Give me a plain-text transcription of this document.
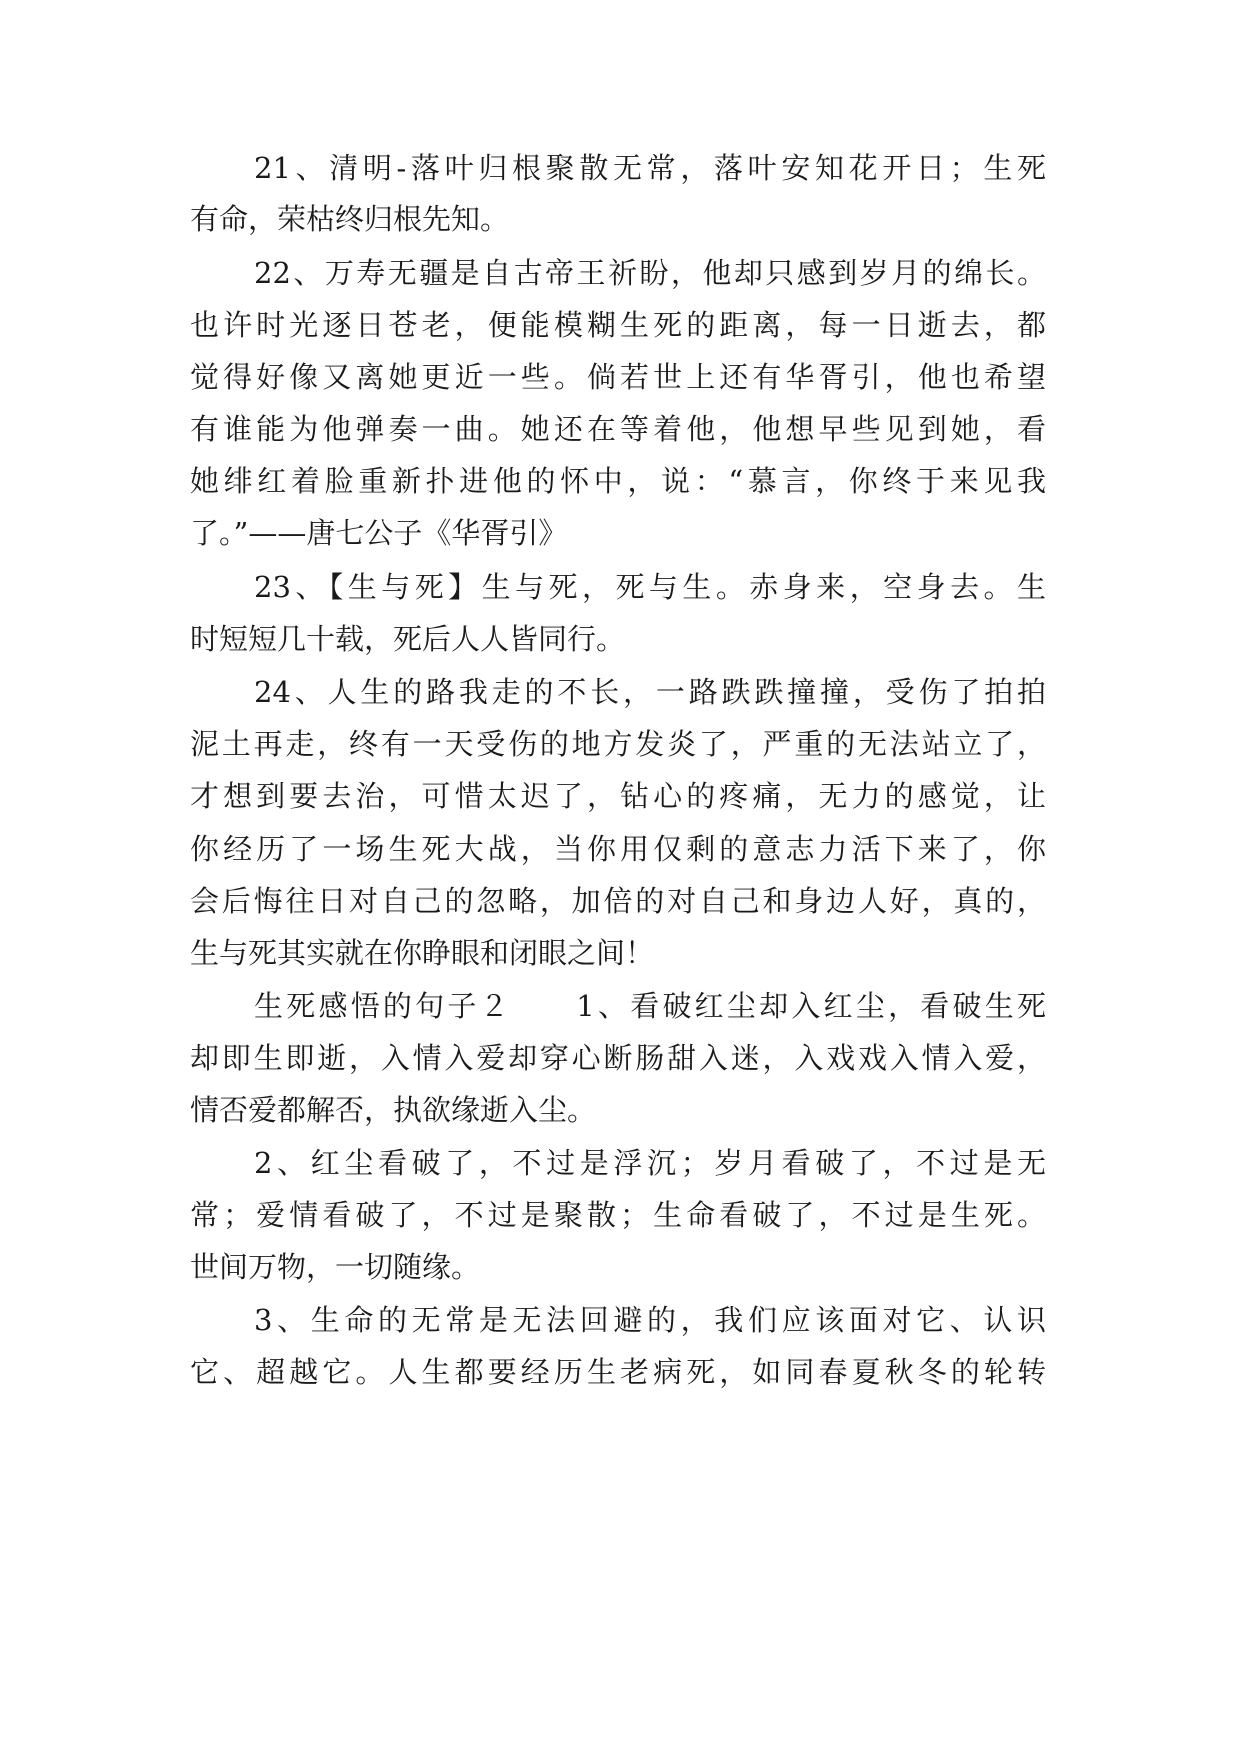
21、清明-落叶归根聚散无常，落叶安知花开日；生死
有命，荣枯终归根先知。
22、万寿无疆是自古帝王祈盼，他却只感到岁月的绵长。
也许时光逐日苍老，便能模糊生死的距离，每一日逝去，都
觉得好像又离她更近一些。倘若世上还有华胥引，他也希望
有谁能为他弹奏一曲。她还在等着他，他想早些见到她，看
她绯红着脸重新扑进他的怀中，说：“慕言，你终于来见我
了。”——唐七公子《华胥引》
23、【生与死】生与死，死与生。赤身来，空身去。生
时短短几十载，死后人人皆同行。
24、人生的路我走的不长，一路跌跌撞撞，受伤了拍拍
泥土再走，终有一天受伤的地方发炎了，严重的无法站立了，
才想到要去治，可惜太迟了，钻心的疼痛，无力的感觉，让
你经历了一场生死大战，当你用仅剩的意志力活下来了，你
会后悔往日对自己的忽略，加倍的对自己和身边人好，真的，
生与死其实就在你睁眼和闭眼之间！
生死感悟的句子２　　1、看破红尘却入红尘，看破生死
却即生即逝，入情入爱却穿心断肠甜入迷，入戏戏入情入爱，
情否爱都解否，执欲缘逝入尘。
2、红尘看破了，不过是浮沉；岁月看破了，不过是无
常；爱情看破了，不过是聚散；生命看破了，不过是生死。
世间万物，一切随缘。
3、生命的无常是无法回避的，我们应该面对它、认识
它、超越它。人生都要经历生老病死，如同春夏秋冬的轮转
